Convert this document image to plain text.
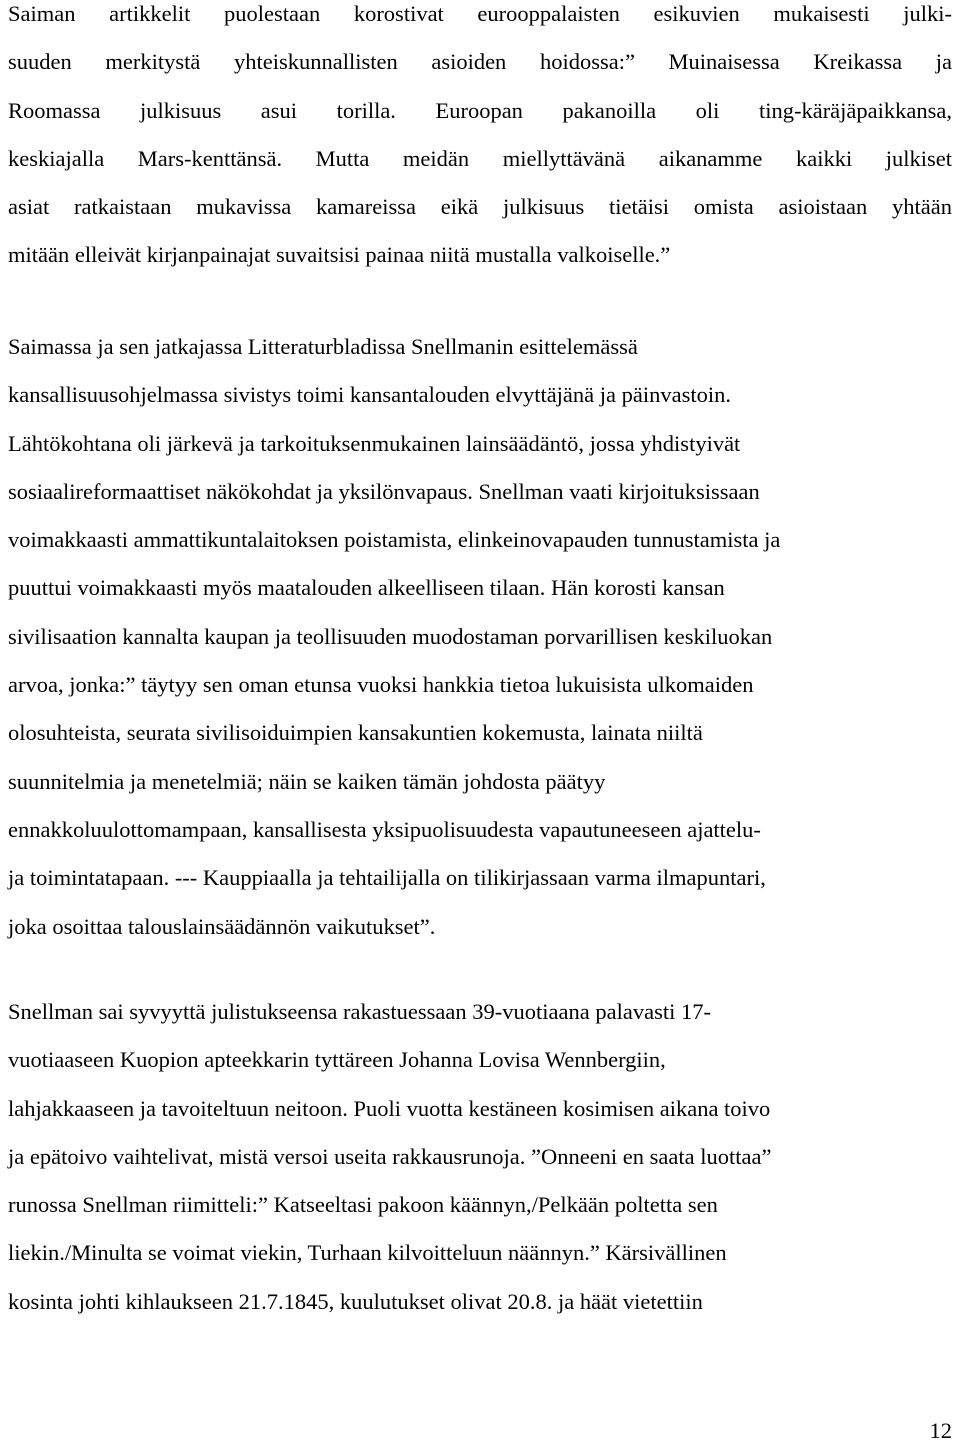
Saiman artikkelit puolestaan korostivat eurooppalaisten esikuvien mukaisesti julki-
suuden merkitystä yhteiskunnallisten asioiden hoidossa:” Muinaisessa Kreikassa ja
Roomassa julkisuus asui torilla. Euroopan pakanoilla oli ting-käräjäpaikkansa,
keskiajalla Mars-kenttänsä. Mutta meidän miellyttävänä aikanamme kaikki julkiset
asiat ratkaistaan mukavissa kamareissa eikä julkisuus tietäisi omista asioistaan yhtään
mitään elleivät kirjanpainajat suvaitsisi painaa niitä mustalla valkoiselle.”
Saimassa ja sen jatkajassa Litteraturbladissa Snellmanin esittelemässä
kansallisuusohjelmassa sivistys toimi kansantalouden elvyttäjänä ja päinvastoin.
Lähtökohtana oli järkevä ja tarkoituksenmukainen lainsäädäntö, jossa yhdistyivät
sosiaalireformaattiset näkökohdat ja yksilönvapaus. Snellman vaati kirjoituksissaan
voimakkaasti ammattikuntalaitoksen poistamista, elinkeinovapauden tunnustamista ja
puuttui voimakkaasti myös maatalouden alkeelliseen tilaan. Hän korosti kansan
sivilisaation kannalta kaupan ja teollisuuden muodostaman porvarillisen keskiluokan
arvoa, jonka:” täytyy sen oman etunsa vuoksi hankkia tietoa lukuisista ulkomaiden
olosuhteista, seurata sivilisoiduimpien kansakuntien kokemusta, lainata niiltä
suunnitelmia ja menetelmiä; näin se kaiken tämän johdosta päätyy
ennakkoluulottomampaan, kansallisesta yksipuolisuudesta vapautuneeseen ajattelu-
ja toimintatapaan. --- Kauppiaalla ja tehtailijalla on tilikirjassaan varma ilmapuntari,
joka osoittaa talouslainsäädännön vaikutukset”.
Snellman sai syvyyttä julistukseensa rakastuessaan 39-vuotiaana palavasti 17-
vuotiaaseen Kuopion apteekkarin tyttäreen Johanna Lovisa Wennbergiin,
lahjakkaaseen ja tavoiteltuun neitoon. Puoli vuotta kestäneen kosimisen aikana toivo
ja epätoivo vaihtelivat, mistä versoi useita rakkausrunoja. ”Onneeni en saata luottaa”
runossa Snellman riimitteli:” Katseeltasi pakoon käännyn,/Pelkään poltetta sen
liekin./Minulta se voimat viekin, Turhaan kilvoitteluun näännyn.” Kärsivällinen
kosinta johti kihlaukseen 21.7.1845, kuulutukset olivat 20.8. ja häät vietettiin
12
